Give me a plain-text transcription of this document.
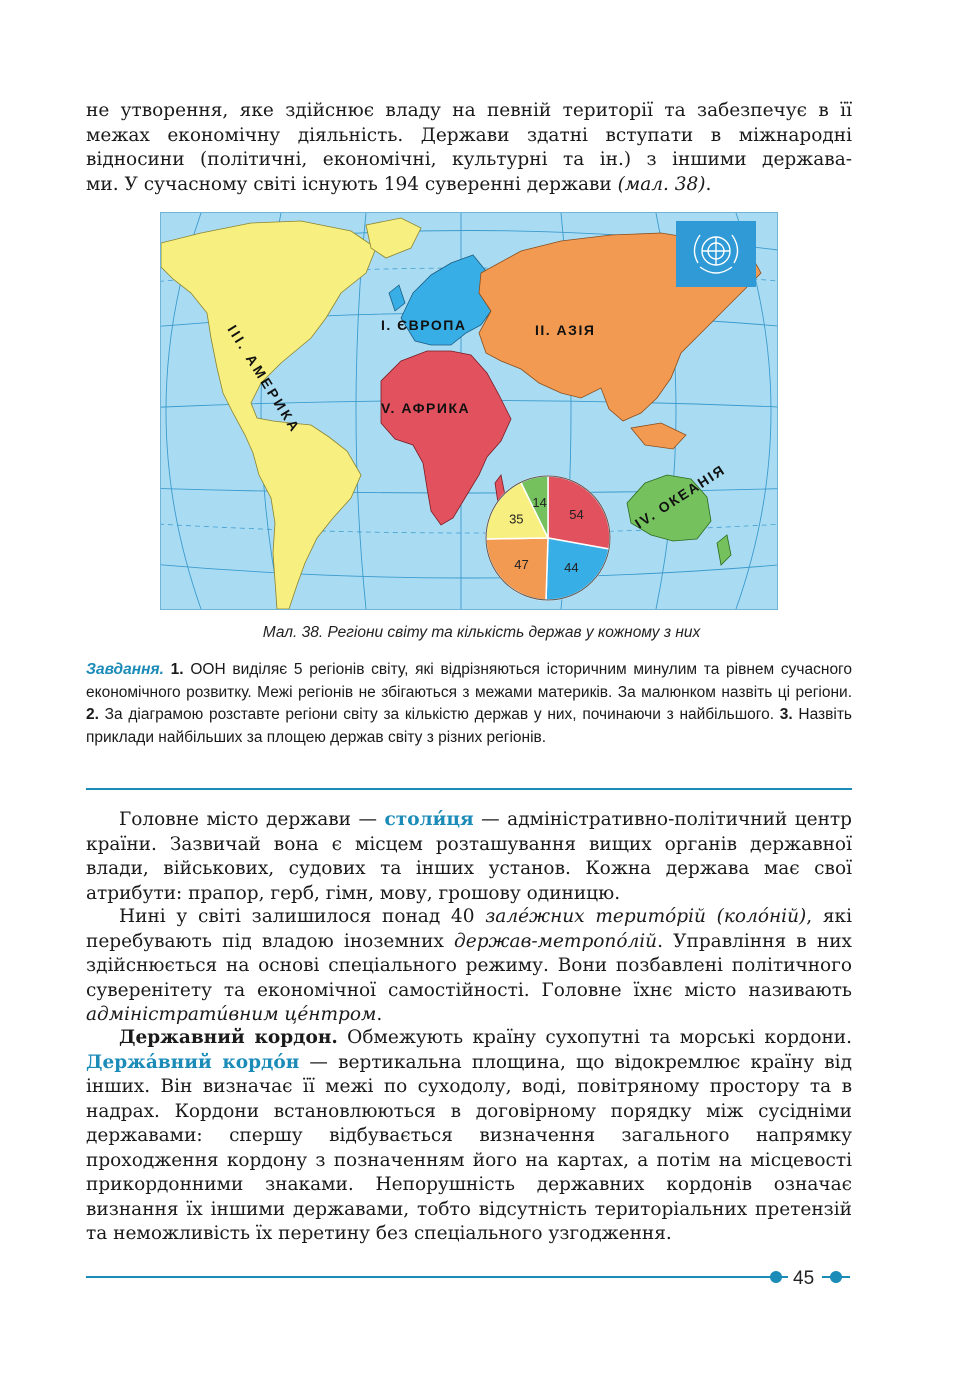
не утворення, яке здійснює владу на певній території та забезпечує в її
межах економічну діяльність. Держави здатні вступати в міжнародні
відносини (політичні, економічні, культурні та ін.) з іншими держава-
ми. У сучасному світі існують 194 суверенні держави (мал. 38).
I. ЄВРОПА	II. АЗІЯ
V. АФРИКА
III. АМЕРИКА
IV. ОКЕАНІЯ
54
44
47
35
14
Мал. 38. Регіони світу та кількість держав у кожному з них
Завдання. 1. ООН виділяє 5 регіонів світу, які відрізняються історичним минулим та рівнем сучасного економічного розвитку. Межі регіонів не збігаються з межами материків. За малюнком назвіть ці регіони. 2. За діаграмою розставте регіони світу за кількістю держав у них, починаючи з найбільшого. 3. Назвіть приклади найбільших за площею держав світу з різних регіонів.

Головне місто держави — столи́ця — адміністративно-політичний центр країни. Зазвичай вона є місцем розташування вищих органів державної влади, військових, судових та інших установ. Кожна держава має свої атрибути: прапор, герб, гімн, мову, грошову одиницю.

Нині у світі залишилося понад 40 зале́жних терито́рій (коло́ній), які перебувають під владою іноземних держав-метропо́лій. Управління в них здійснюється на основі спеціального режиму. Вони позбавлені політичного суверенітету та економічної самостійності. Головне їхнє місто називають адміністрати́вним це́нтром.

Державний кордон. Обмежують країну сухопутні та морські кордони. Держа́вний кордо́н — вертикальна площина, що відокремлює країну від інших. Він визначає її межі по суходолу, воді, повітряному простору та в надрах. Кордони встановлюються в договірному порядку між сусідніми державами: спершу відбувається визначення загального напрямку проходження кордону з позначенням його на картах, а потім на місцевості прикордонними знаками. Непорушність державних кордонів означає визнання їх іншими державами, тобто відсутність територіальних претензій та неможливість їх перетину без спеціального узгодження.

45
